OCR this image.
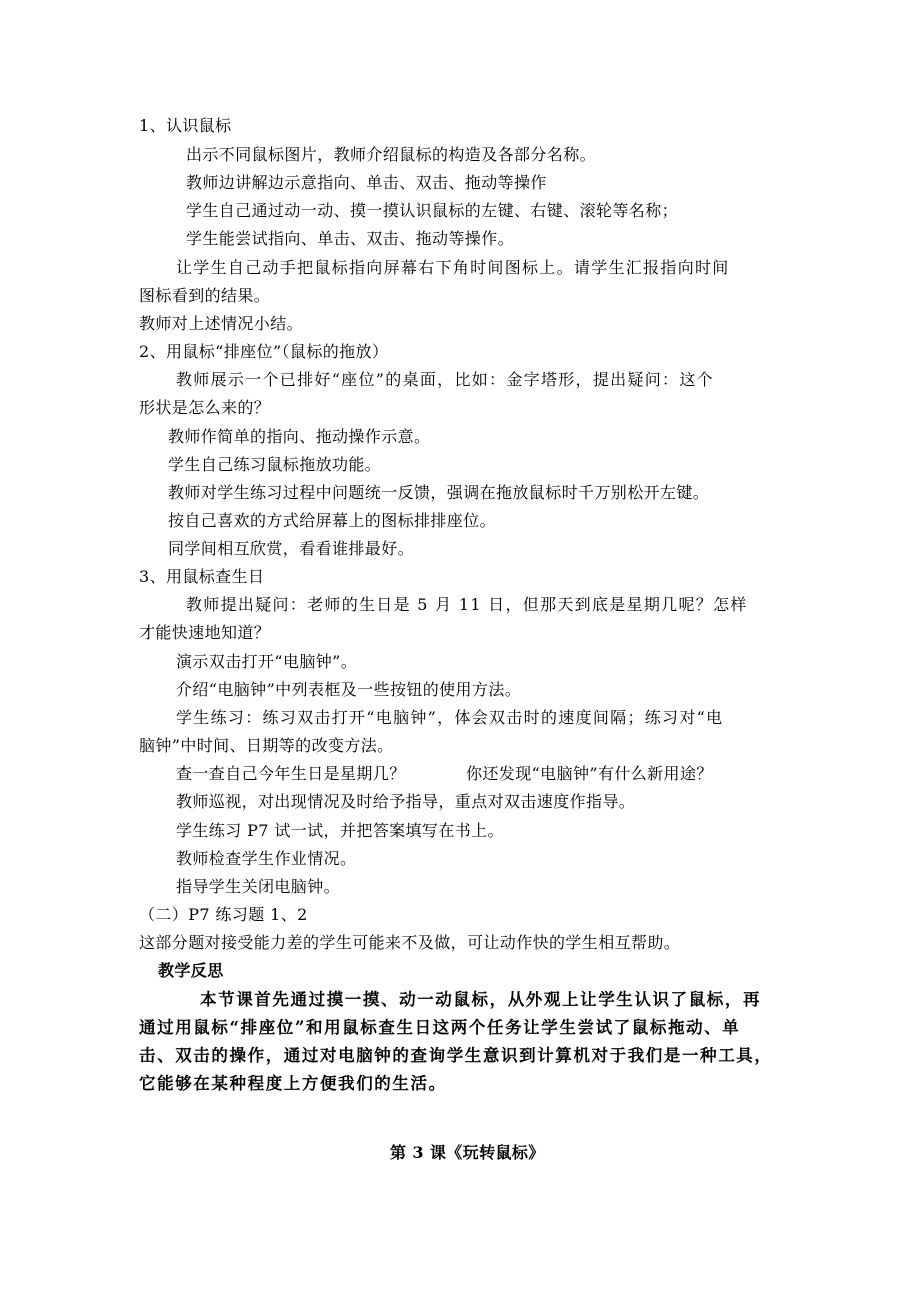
1、认识鼠标
出示不同鼠标图片，教师介绍鼠标的构造及各部分名称。
教师边讲解边示意指向、单击、双击、拖动等操作
学生自己通过动一动、摸一摸认识鼠标的左键、右键、滚轮等名称；
学生能尝试指向、单击、双击、拖动等操作。
让学生自己动手把鼠标指向屏幕右下角时间图标上。请学生汇报指向时间
图标看到的结果。
教师对上述情况小结。
2、用鼠标“排座位”（鼠标的拖放）
教师展示一个已排好“座位”的桌面，比如：金字塔形，提出疑问：这个
形状是怎么来的？
教师作简单的指向、拖动操作示意。
学生自己练习鼠标拖放功能。
教师对学生练习过程中问题统一反馈，强调在拖放鼠标时千万别松开左键。
按自己喜欢的方式给屏幕上的图标排排座位。
同学间相互欣赏，看看谁排最好。
3、用鼠标查生日
教师提出疑问：老师的生日是 5 月 11 日，但那天到底是星期几呢？怎样
才能快速地知道？
演示双击打开“电脑钟”。
介绍“电脑钟”中列表框及一些按钮的使用方法。
学生练习：练习双击打开“电脑钟”，体会双击时的速度间隔；练习对“电
脑钟”中时间、日期等的改变方法。
查一查自己今年生日是星期几？	你还发现“电脑钟”有什么新用途？
教师巡视，对出现情况及时给予指导，重点对双击速度作指导。
学生练习 P7 试一试，并把答案填写在书上。
教师检查学生作业情况。
指导学生关闭电脑钟。
（二）P7 练习题 1、2
这部分题对接受能力差的学生可能来不及做，可让动作快的学生相互帮助。
教学反思
本节课首先通过摸一摸、动一动鼠标，从外观上让学生认识了鼠标，再
通过用鼠标“排座位”和用鼠标查生日这两个任务让学生尝试了鼠标拖动、单
击、双击的操作，通过对电脑钟的查询学生意识到计算机对于我们是一种工具，
它能够在某种程度上方便我们的生活。
第 3 课《玩转鼠标》
